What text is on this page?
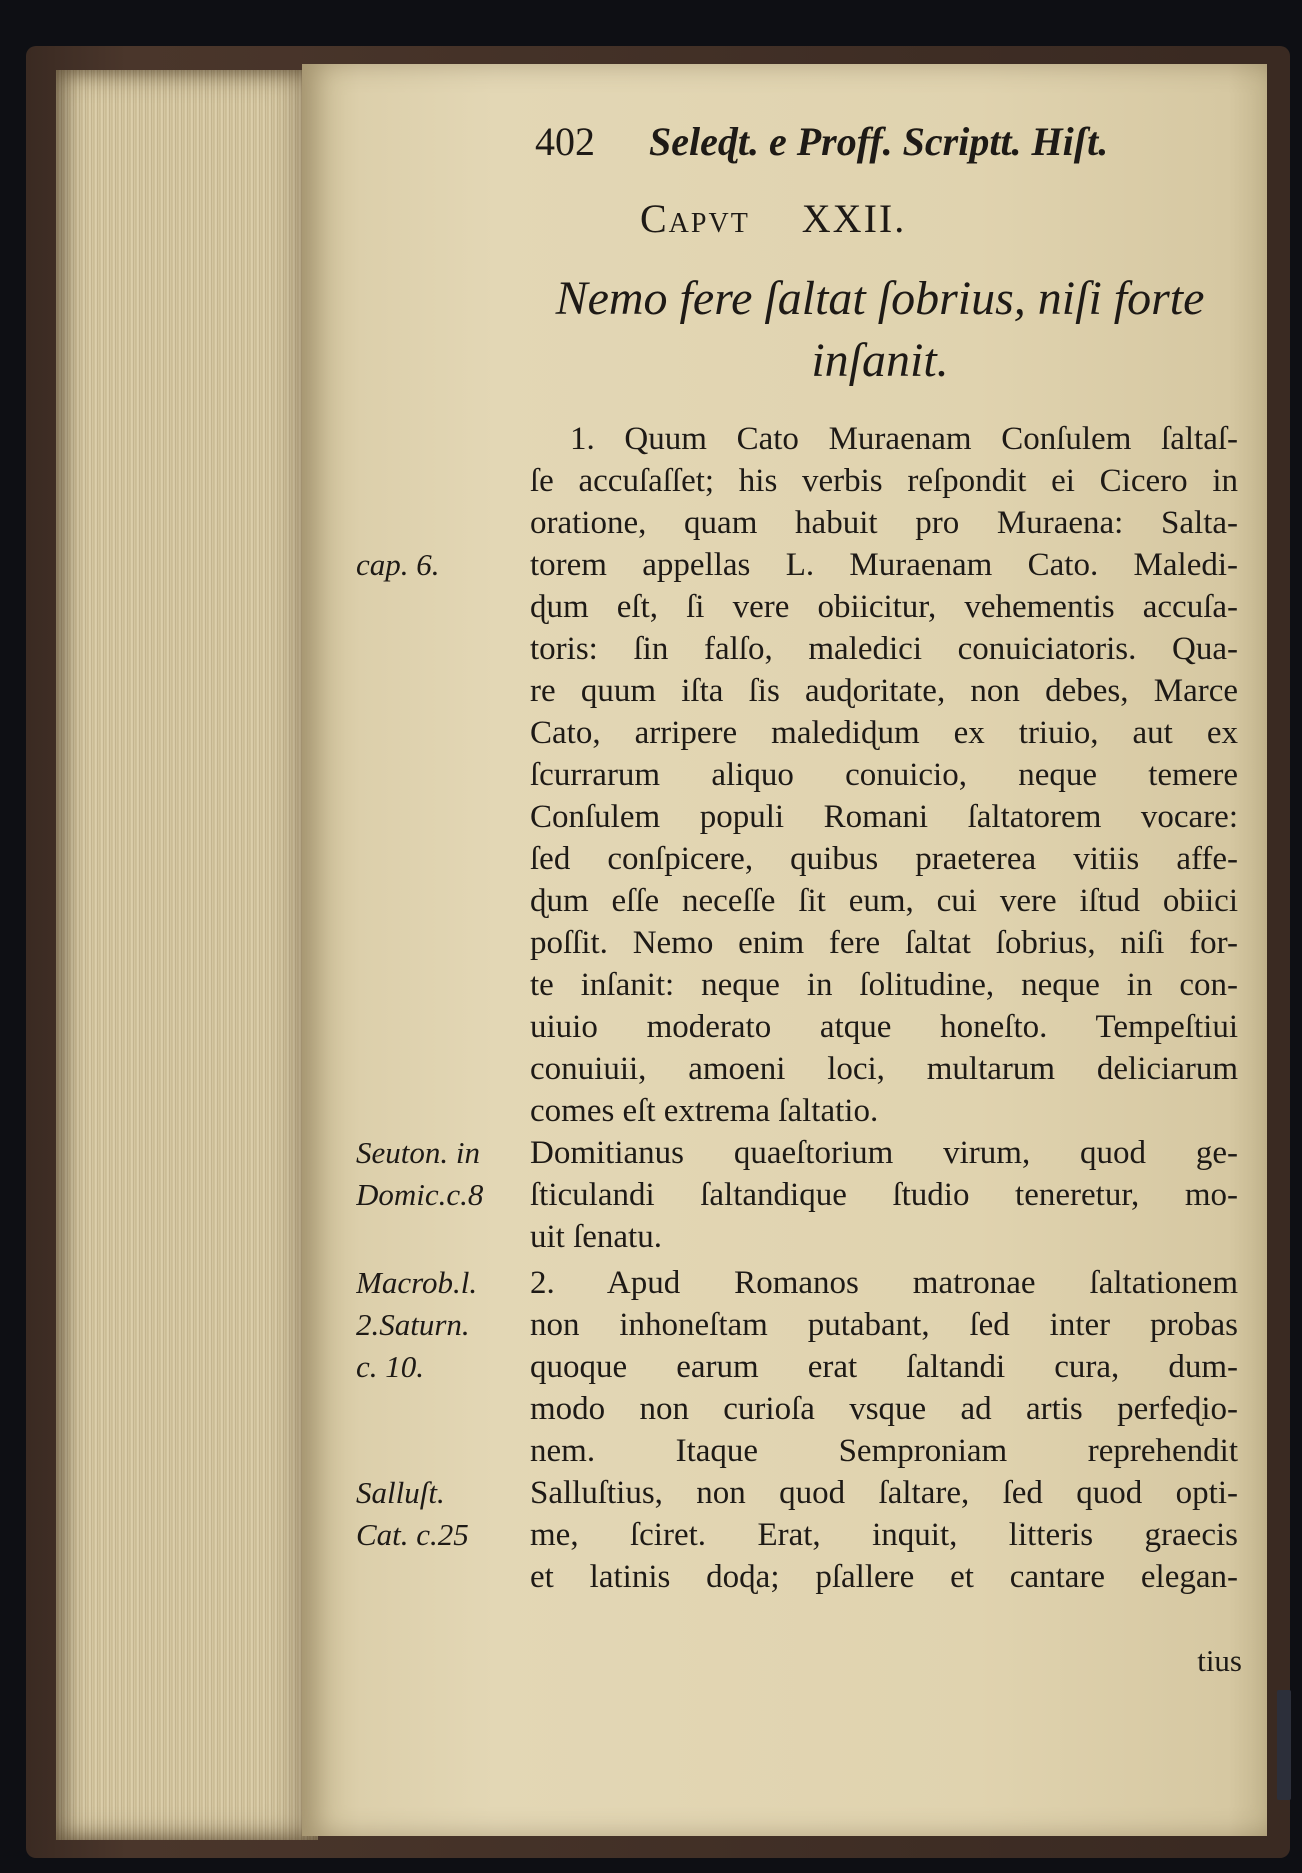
402 Seleɖt. e Proff. Scriptt. Hiſt.
Capvt XXII.
Nemo fere ſaltat ſobrius, niſi forte
inſanit.
1. Quum Cato Muraenam Conſulem ſaltaſ-
ſe accuſaſſet; his verbis reſpondit ei Cicero in
oratione, quam habuit pro Muraena: Salta-
torem appellas L. Muraenam Cato. Maledi-
ɖum eſt, ſi vere obiicitur, vehementis accuſa-
toris: ſin falſo, maledici conuiciatoris. Qua-
re quum iſta ſis auɖoritate, non debes, Marce
Cato, arripere malediɖum ex triuio, aut ex
ſcurrarum aliquo conuicio, neque temere
Conſulem populi Romani ſaltatorem vocare:
ſed conſpicere, quibus praeterea vitiis affe-
ɖum eſſe neceſſe ſit eum, cui vere iſtud obiici
poſſit. Nemo enim fere ſaltat ſobrius, niſi for-
te inſanit: neque in ſolitudine, neque in con-
uiuio moderato atque honeſto. Tempeſtiui
conuiuii, amoeni loci, multarum deliciarum
comes eſt extrema ſaltatio.
Domitianus quaeſtorium virum, quod ge-
ſticulandi ſaltandique ſtudio teneretur, mo-
uit ſenatu.
2. Apud Romanos matronae ſaltationem
non inhoneſtam putabant, ſed inter probas
quoque earum erat ſaltandi cura, dum-
modo non curioſa vsque ad artis perfeɖio-
nem. Itaque Semproniam reprehendit
Salluſtius, non quod ſaltare, ſed quod opti-
me, ſciret. Erat, inquit, litteris graecis
et latinis doɖa; pſallere et cantare elegan-
cap. 6.
Seuton. in
Domic.c.8
Macrob.l.
2.Saturn.
c. 10.
Salluſt.
Cat. c.25
tius
